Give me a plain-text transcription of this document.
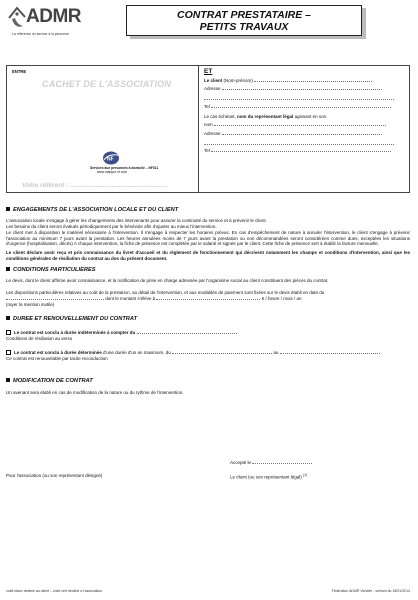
ADMR
La référence du service à la personne
CONTRAT PRESTATAIRE –
PETITS TRAVAUX
ENTRE
CACHET DE L'ASSOCIATION
NF
Services aux personnes à domicile – NF311
www.marque-nf.com
Votre référent : ......................................................
ET
Le client (Nom-prénom)
Adresse
Tel
Le cas échéant, nom du représentant légal agissant en son
nom
Adresse
Tel
ENGAGEMENTS DE L'ASSOCIATION LOCALE ET DU CLIENT
L'association locale s'engage à gérer les changements des intervenants pour assurer la continuité du service et à prévenir le client.
Les besoins du client seront évalués périodiquement par le bénévole afin d'ajuster au mieux l'intervention.
Le client met à disposition le matériel nécessaire à l'intervention. Il s'engage à respecter les horaires prévus. En cas d'empêchement de nature à annuler l'intervention, le client s'engage à prévenir l'association au minimum 7 jours avant la prestation. Les heures annulées moins de 7 jours avant la prestation ou non décommandées seront considérées comme dues, exceptées les situations d'urgence (hospitalisation, décès) A chaque intervention, la fiche de présence est complétée par le salarié et signée par le client. Cette fiche de présence sert à établir la facture mensuelle.
Le client déclare avoir reçu et pris connaissance du livret d'accueil et du règlement de fonctionnement qui décrivent notamment les champs et conditions d'intervention, ainsi que les conditions générales de résiliation du contrat au dos du présent document.
CONDITIONS PARTICULIERES
Le devis, dont le client affirme avoir connaissance, et la notification de prise en charge adressée par l'organisme social au client constituent des pièces du contrat.
Les dispositions particulières relatives au coût de la prestation, au détail de l'intervention, et aux modalités de paiement sont fixées sur le devis établi en date du
dont le montant s'élève à	€ / heure / mois / an
(rayer la mention inutile)
DUREE ET RENOUVELLEMENT DU CONTRAT
Le contrat est conclu à durée indéterminée à compter du
Conditions de résiliation au verso
Le contrat est conclu à durée déterminée d'une durée d'un an maximum, du	au
Ce contrat est renouvelable par tacite reconduction
MODIFICATION DE CONTRAT
Un avenant sera établi en cas de modification de la nature ou du rythme de l'intervention.
Accepté le
Pour l'association (ou son représentant désigné)	Le client (ou son représentant légal) $^{(1)}$
volet blanc destiné au client – volet vert destiné à l'association	Fédération ADMR Vendée - version du 18/01/2014
